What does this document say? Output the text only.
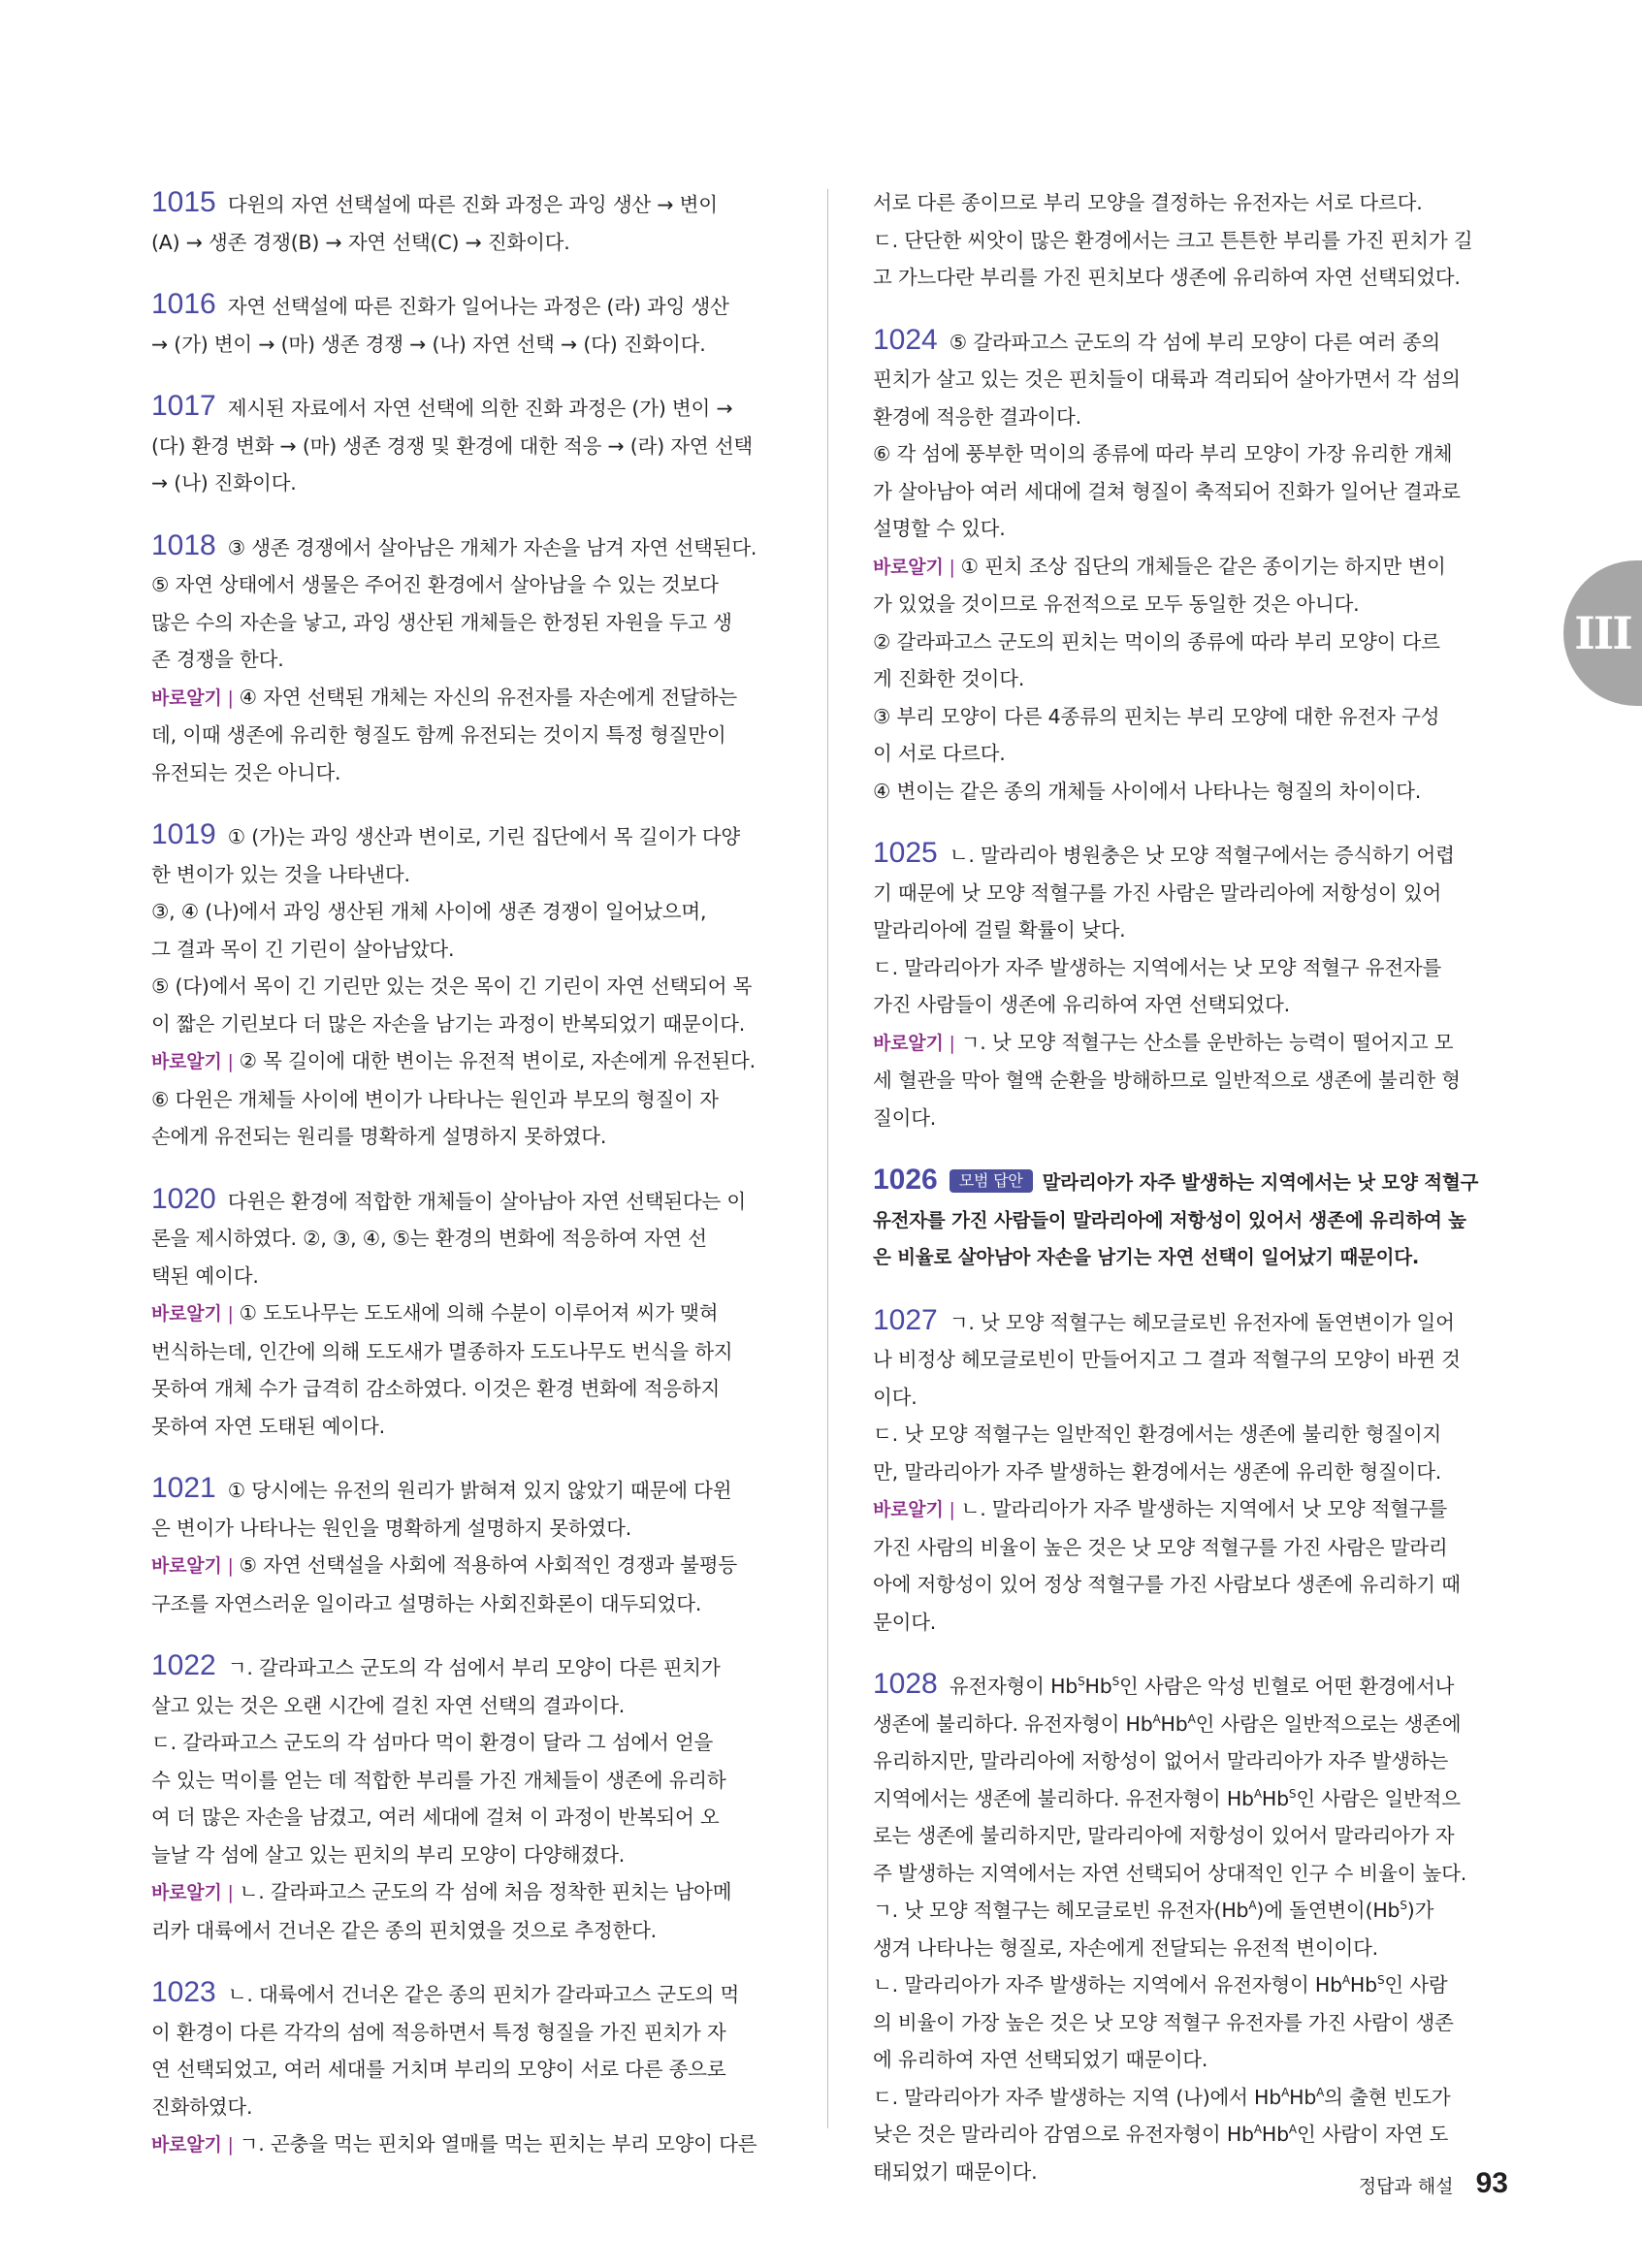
1015 다윈의 자연 선택설에 따른 진화 과정은 과잉 생산 → 변이

(A) → 생존 경쟁(B) → 자연 선택(C) → 진화이다.

1016 자연 선택설에 따른 진화가 일어나는 과정은 (라) 과잉 생산

→ (가) 변이 → (마) 생존 경쟁 → (나) 자연 선택 → (다) 진화이다.

1017 제시된 자료에서 자연 선택에 의한 진화 과정은 (가) 변이 →

(다) 환경 변화 → (마) 생존 경쟁 및 환경에 대한 적응 → (라) 자연 선택

→ (나) 진화이다.

1018 ③ 생존 경쟁에서 살아남은 개체가 자손을 남겨 자연 선택된다.

⑤ 자연 상태에서 생물은 주어진 환경에서 살아남을 수 있는 것보다

많은 수의 자손을 낳고, 과잉 생산된 개체들은 한정된 자원을 두고 생

존 경쟁을 한다.

바로알기 | ④ 자연 선택된 개체는 자신의 유전자를 자손에게 전달하는

데, 이때 생존에 유리한 형질도 함께 유전되는 것이지 특정 형질만이

유전되는 것은 아니다.

1019 ① (가)는 과잉 생산과 변이로, 기린 집단에서 목 길이가 다양

한 변이가 있는 것을 나타낸다.

③, ④ (나)에서 과잉 생산된 개체 사이에 생존 경쟁이 일어났으며,

그 결과 목이 긴 기린이 살아남았다.

⑤ (다)에서 목이 긴 기린만 있는 것은 목이 긴 기린이 자연 선택되어 목

이 짧은 기린보다 더 많은 자손을 남기는 과정이 반복되었기 때문이다.

바로알기 | ② 목 길이에 대한 변이는 유전적 변이로, 자손에게 유전된다.

⑥ 다윈은 개체들 사이에 변이가 나타나는 원인과 부모의 형질이 자

손에게 유전되는 원리를 명확하게 설명하지 못하였다.

1020 다윈은 환경에 적합한 개체들이 살아남아 자연 선택된다는 이

론을 제시하였다. ②, ③, ④, ⑤는 환경의 변화에 적응하여 자연 선

택된 예이다.

바로알기 | ① 도도나무는 도도새에 의해 수분이 이루어져 씨가 맺혀

번식하는데, 인간에 의해 도도새가 멸종하자 도도나무도 번식을 하지

못하여 개체 수가 급격히 감소하였다. 이것은 환경 변화에 적응하지

못하여 자연 도태된 예이다.

1021 ① 당시에는 유전의 원리가 밝혀져 있지 않았기 때문에 다윈

은 변이가 나타나는 원인을 명확하게 설명하지 못하였다.

바로알기 | ⑤ 자연 선택설을 사회에 적용하여 사회적인 경쟁과 불평등

구조를 자연스러운 일이라고 설명하는 사회진화론이 대두되었다.

1022 ㄱ. 갈라파고스 군도의 각 섬에서 부리 모양이 다른 핀치가

살고 있는 것은 오랜 시간에 걸친 자연 선택의 결과이다.

ㄷ. 갈라파고스 군도의 각 섬마다 먹이 환경이 달라 그 섬에서 얻을

수 있는 먹이를 얻는 데 적합한 부리를 가진 개체들이 생존에 유리하

여 더 많은 자손을 남겼고, 여러 세대에 걸쳐 이 과정이 반복되어 오

늘날 각 섬에 살고 있는 핀치의 부리 모양이 다양해졌다.

바로알기 | ㄴ. 갈라파고스 군도의 각 섬에 처음 정착한 핀치는 남아메

리카 대륙에서 건너온 같은 종의 핀치였을 것으로 추정한다.

1023 ㄴ. 대륙에서 건너온 같은 종의 핀치가 갈라파고스 군도의 먹

이 환경이 다른 각각의 섬에 적응하면서 특정 형질을 가진 핀치가 자

연 선택되었고, 여러 세대를 거치며 부리의 모양이 서로 다른 종으로

진화하였다.

바로알기 | ㄱ. 곤충을 먹는 핀치와 열매를 먹는 핀치는 부리 모양이 다른

서로 다른 종이므로 부리 모양을 결정하는 유전자는 서로 다르다.

ㄷ. 단단한 씨앗이 많은 환경에서는 크고 튼튼한 부리를 가진 핀치가 길

고 가느다란 부리를 가진 핀치보다 생존에 유리하여 자연 선택되었다.

1024 ⑤ 갈라파고스 군도의 각 섬에 부리 모양이 다른 여러 종의

핀치가 살고 있는 것은 핀치들이 대륙과 격리되어 살아가면서 각 섬의

환경에 적응한 결과이다.

⑥ 각 섬에 풍부한 먹이의 종류에 따라 부리 모양이 가장 유리한 개체

가 살아남아 여러 세대에 걸쳐 형질이 축적되어 진화가 일어난 결과로

설명할 수 있다.

바로알기 | ① 핀치 조상 집단의 개체들은 같은 종이기는 하지만 변이

가 있었을 것이므로 유전적으로 모두 동일한 것은 아니다.

② 갈라파고스 군도의 핀치는 먹이의 종류에 따라 부리 모양이 다르

게 진화한 것이다.

③ 부리 모양이 다른 4종류의 핀치는 부리 모양에 대한 유전자 구성

이 서로 다르다.

④ 변이는 같은 종의 개체들 사이에서 나타나는 형질의 차이이다.

1025 ㄴ. 말라리아 병원충은 낫 모양 적혈구에서는 증식하기 어렵

기 때문에 낫 모양 적혈구를 가진 사람은 말라리아에 저항성이 있어

말라리아에 걸릴 확률이 낮다.

ㄷ. 말라리아가 자주 발생하는 지역에서는 낫 모양 적혈구 유전자를

가진 사람들이 생존에 유리하여 자연 선택되었다.

바로알기 | ㄱ. 낫 모양 적혈구는 산소를 운반하는 능력이 떨어지고 모

세 혈관을 막아 혈액 순환을 방해하므로 일반적으로 생존에 불리한 형

질이다.

1026 모범 답안 말라리아가 자주 발생하는 지역에서는 낫 모양 적혈구

유전자를 가진 사람들이 말라리아에 저항성이 있어서 생존에 유리하여 높

은 비율로 살아남아 자손을 남기는 자연 선택이 일어났기 때문이다.

1027 ㄱ. 낫 모양 적혈구는 헤모글로빈 유전자에 돌연변이가 일어

나 비정상 헤모글로빈이 만들어지고 그 결과 적혈구의 모양이 바뀐 것

이다.

ㄷ. 낫 모양 적혈구는 일반적인 환경에서는 생존에 불리한 형질이지

만, 말라리아가 자주 발생하는 환경에서는 생존에 유리한 형질이다.

바로알기 | ㄴ. 말라리아가 자주 발생하는 지역에서 낫 모양 적혈구를

가진 사람의 비율이 높은 것은 낫 모양 적혈구를 가진 사람은 말라리

아에 저항성이 있어 정상 적혈구를 가진 사람보다 생존에 유리하기 때

문이다.

1028 유전자형이 $Hb^SHb^S$인 사람은 악성 빈혈로 어떤 환경에서나

생존에 불리하다. 유전자형이 $Hb^AHb^A$인 사람은 일반적으로는 생존에

유리하지만, 말라리아에 저항성이 없어서 말라리아가 자주 발생하는

지역에서는 생존에 불리하다. 유전자형이 $Hb^AHb^S$인 사람은 일반적으

로는 생존에 불리하지만, 말라리아에 저항성이 있어서 말라리아가 자

주 발생하는 지역에서는 자연 선택되어 상대적인 인구 수 비율이 높다.

ㄱ. 낫 모양 적혈구는 헤모글로빈 유전자$(Hb^A)$에 돌연변이$(Hb^S)$가

생겨 나타나는 형질로, 자손에게 전달되는 유전적 변이이다.

ㄴ. 말라리아가 자주 발생하는 지역에서 유전자형이 $Hb^AHb^S$인 사람

의 비율이 가장 높은 것은 낫 모양 적혈구 유전자를 가진 사람이 생존

에 유리하여 자연 선택되었기 때문이다.

ㄷ. 말라리아가 자주 발생하는 지역 (나)에서 $Hb^AHb^A$의 출현 빈도가

낮은 것은 말라리아 감염으로 유전자형이 $Hb^AHb^A$인 사람이 자연 도

태되었기 때문이다.

III
정답과 해설 93
